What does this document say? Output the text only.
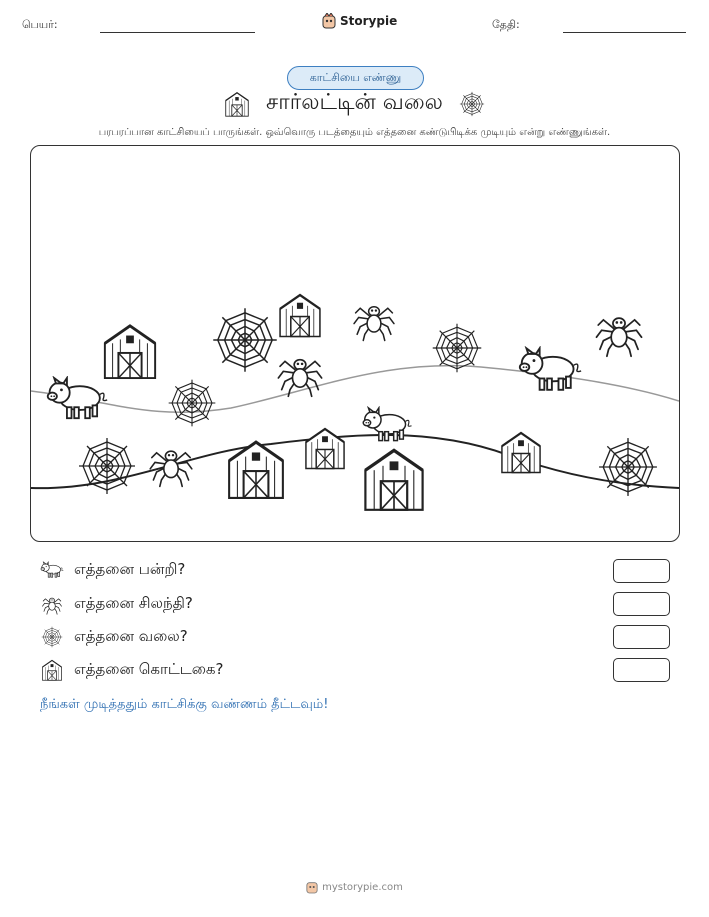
பெயர்:	Storypie	தேதி:
காட்சியை எண்ணு
சார்லட்டின் வலை
பரபரப்பான காட்சியைப் பாருங்கள். ஒவ்வொரு படத்தையும் எத்தனை கண்டுபிடிக்க முடியும் என்று எண்ணுங்கள்.
எத்தனை பன்றி?
எத்தனை சிலந்தி?
எத்தனை வலை?
எத்தனை கொட்டகை?
நீங்கள் முடித்ததும் காட்சிக்கு வண்ணம் தீட்டவும்!
mystorypie.com
